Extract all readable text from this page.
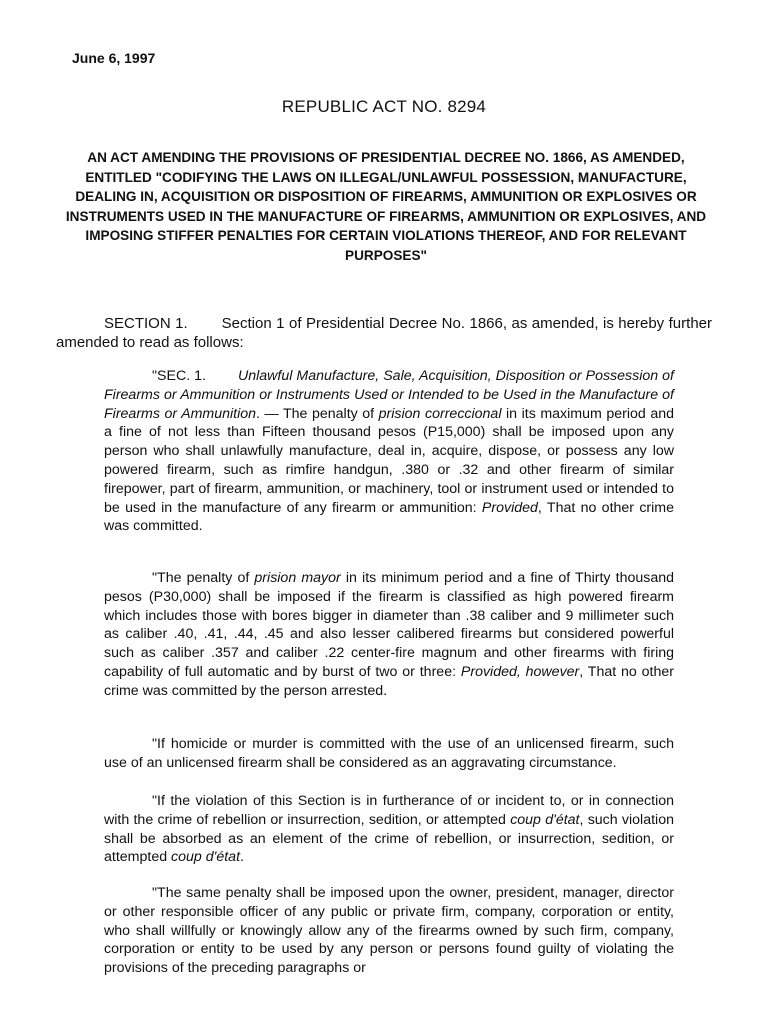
June 6, 1997
REPUBLIC ACT NO. 8294
AN ACT AMENDING THE PROVISIONS OF PRESIDENTIAL DECREE NO. 1866, AS AMENDED, ENTITLED "CODIFYING THE LAWS ON ILLEGAL/UNLAWFUL POSSESSION, MANUFACTURE, DEALING IN, ACQUISITION OR DISPOSITION OF FIREARMS, AMMUNITION OR EXPLOSIVES OR INSTRUMENTS USED IN THE MANUFACTURE OF FIREARMS, AMMUNITION OR EXPLOSIVES, AND IMPOSING STIFFER PENALTIES FOR CERTAIN VIOLATIONS THEREOF, AND FOR RELEVANT PURPOSES"
SECTION 1. Section 1 of Presidential Decree No. 1866, as amended, is hereby further amended to read as follows:

"SEC. 1. Unlawful Manufacture, Sale, Acquisition, Disposition or Possession of Firearms or Ammunition or Instruments Used or Intended to be Used in the Manufacture of Firearms or Ammunition. — The penalty of prision correccional in its maximum period and a fine of not less than Fifteen thousand pesos (P15,000) shall be imposed upon any person who shall unlawfully manufacture, deal in, acquire, dispose, or possess any low powered firearm, such as rimfire handgun, .380 or .32 and other firearm of similar firepower, part of firearm, ammunition, or machinery, tool or instrument used or intended to be used in the manufacture of any firearm or ammunition: Provided, That no other crime was committed.

"The penalty of prision mayor in its minimum period and a fine of Thirty thousand pesos (P30,000) shall be imposed if the firearm is classified as high powered firearm which includes those with bores bigger in diameter than .38 caliber and 9 millimeter such as caliber .40, .41, .44, .45 and also lesser calibered firearms but considered powerful such as caliber .357 and caliber .22 center-fire magnum and other firearms with firing capability of full automatic and by burst of two or three: Provided, however, That no other crime was committed by the person arrested.

"If homicide or murder is committed with the use of an unlicensed firearm, such use of an unlicensed firearm shall be considered as an aggravating circumstance.

"If the violation of this Section is in furtherance of or incident to, or in connection with the crime of rebellion or insurrection, sedition, or attempted coup d'état, such violation shall be absorbed as an element of the crime of rebellion, or insurrection, sedition, or attempted coup d'état.

"The same penalty shall be imposed upon the owner, president, manager, director or other responsible officer of any public or private firm, company, corporation or entity, who shall willfully or knowingly allow any of the firearms owned by such firm, company, corporation or entity to be used by any person or persons found guilty of violating the provisions of the preceding paragraphs or
